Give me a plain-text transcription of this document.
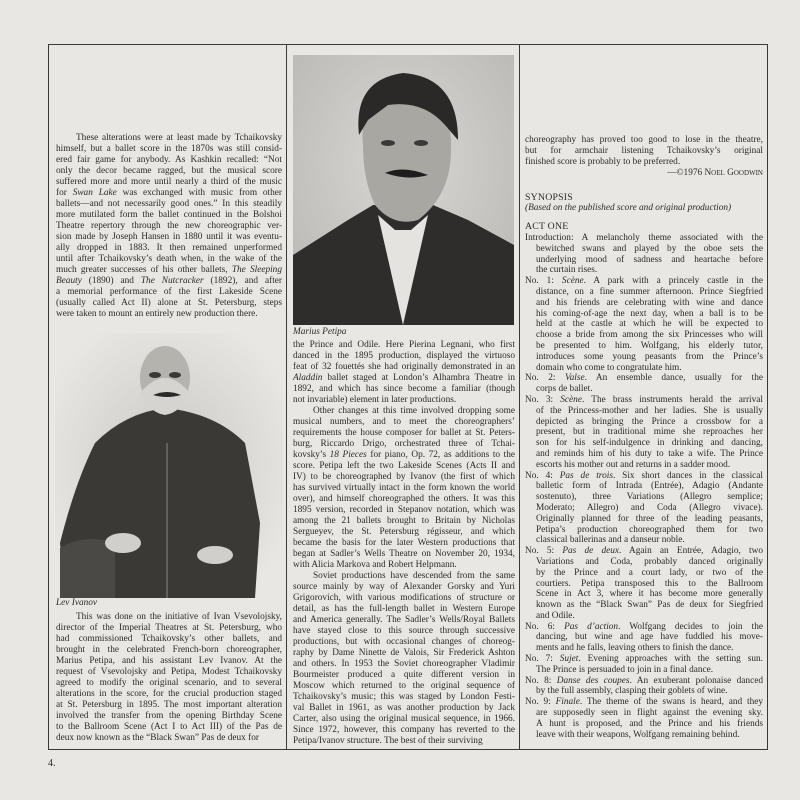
Marius Petipa
Lev Ivanov
These alterations were at least made by Tchaikovsky
himself, but a ballet score in the 1870s was still consid-
ered fair game for anybody. As Kashkin recalled: “Not
only the decor became ragged, but the musical score
suffered more and more until nearly a third of the music
for Swan Lake was exchanged with music from other
ballets—and not necessarily good ones.” In this steadily
more mutilated form the ballet continued in the Bolshoi
Theatre repertory through the new choreographic ver-
sion made by Joseph Hansen in 1880 until it was eventu-
ally dropped in 1883. It then remained unperformed
until after Tchaikovsky’s death when, in the wake of the
much greater successes of his other ballets, The Sleeping
Beauty (1890) and The Nutcracker (1892), and after
a memorial performance of the first Lakeside Scene
(usually called Act II) alone at St. Petersburg, steps
were taken to mount an entirely new production there.
This was done on the initiative of Ivan Vsevolojsky,
director of the Imperial Theatres at St. Petersburg, who
had commissioned Tchaikovsky’s other ballets, and
brought in the celebrated French-born choreographer,
Marius Petipa, and his assistant Lev Ivanov. At the
request of Vsevolojsky and Petipa, Modest Tchaikovsky
agreed to modify the original scenario, and to several
alterations in the score, for the crucial production staged
at St. Petersburg in 1895. The most important alteration
involved the transfer from the opening Birthday Scene
to the Ballroom Scene (Act I to Act III) of the Pas de
deux now known as the “Black Swan” Pas de deux for
the Prince and Odile. Here Pierina Legnani, who first
danced in the 1895 production, displayed the virtuoso
feat of 32 fouettés she had originally demonstrated in an
Aladdin ballet staged at London’s Alhambra Theatre in
1892, and which has since become a familiar (though
not invariable) element in later productions.
Other changes at this time involved dropping some
musical numbers, and to meet the choreographers’
requirements the house composer for ballet at St. Peters-
burg, Riccardo Drigo, orchestrated three of Tchai-
kovsky’s 18 Pieces for piano, Op. 72, as additions to the
score. Petipa left the two Lakeside Scenes (Acts II and
IV) to be choreographed by Ivanov (the first of which
has survived virtually intact in the form known the world
over), and himself choreographed the others. It was this
1895 version, recorded in Stepanov notation, which was
among the 21 ballets brought to Britain by Nicholas
Sergueyev, the St. Petersburg régisseur, and which
became the basis for the later Western productions that
began at Sadler’s Wells Theatre on November 20, 1934,
with Alicia Markova and Robert Helpmann.
Soviet productions have descended from the same
source mainly by way of Alexander Gorsky and Yuri
Grigorovich, with various modifications of structure or
detail, as has the full-length ballet in Western Europe
and America generally. The Sadler’s Wells/Royal Ballets
have stayed close to this source through successive
productions, but with occasional changes of choreog-
raphy by Dame Ninette de Valois, Sir Frederick Ashton
and others. In 1953 the Soviet choreographer Vladimir
Bourmeister produced a quite different version in
Moscow which returned to the original sequence of
Tchaikovsky’s music; this was staged by London Festi-
val Ballet in 1961, as was another production by Jack
Carter, also using the original musical sequence, in 1966.
Since 1972, however, this company has reverted to the
Petipa/Ivanov structure. The best of their surviving
choreography has proved too good to lose in the theatre,
but for armchair listening Tchaikovsky’s original
finished score is probably to be preferred.
—©1976 Noel Goodwin
SYNOPSIS
(Based on the published score and original production)
ACT ONE
Introduction: A melancholy theme associated with the
bewitched swans and played by the oboe sets the
underlying mood of sadness and heartache before
the curtain rises.
No. 1: Scène. A park with a princely castle in the
distance, on a fine summer afternoon. Prince Siegfried
and his friends are celebrating with wine and dance
his coming-of-age the next day, when a ball is to be
held at the castle at which he will be expected to
choose a bride from among the six Princesses who will
be presented to him. Wolfgang, his elderly tutor,
introduces some young peasants from the Prince’s
domain who come to congratulate him.
No. 2: Valse. An ensemble dance, usually for the
corps de ballet.
No. 3: Scène. The brass instruments herald the arrival
of the Princess-mother and her ladies. She is usually
depicted as bringing the Prince a crossbow for a
present, but in traditional mime she reproaches her
son for his self-indulgence in drinking and dancing,
and reminds him of his duty to take a wife. The Prince
escorts his mother out and returns in a sadder mood.
No. 4: Pas de trois. Six short dances in the classical
balletic form of Intrada (Entrée), Adagio (Andante
sostenuto), three Variations (Allegro semplice;
Moderato; Allegro) and Coda (Allegro vivace).
Originally planned for three of the leading peasants,
Petipa’s production choreographed them for two
classical ballerinas and a danseur noble.
No. 5: Pas de deux. Again an Entrée, Adagio, two
Variations and Coda, probably danced originally
by the Prince and a court lady, or two of the
courtiers. Petipa transposed this to the Ballroom
Scene in Act 3, where it has become more generally
known as the “Black Swan” Pas de deux for Siegfried
and Odile.
No. 6: Pas d’action. Wolfgang decides to join the
dancing, but wine and age have fuddled his move-
ments and he falls, leaving others to finish the dance.
No. 7: Sujet. Evening approaches with the setting sun.
The Prince is persuaded to join in a final dance.
No. 8: Danse des coupes. An exuberant polonaise danced
by the full assembly, clasping their goblets of wine.
No. 9: Finale. The theme of the swans is heard, and they
are supposedly seen in flight against the evening sky.
A hunt is proposed, and the Prince and his friends
leave with their weapons, Wolfgang remaining behind.
4.
